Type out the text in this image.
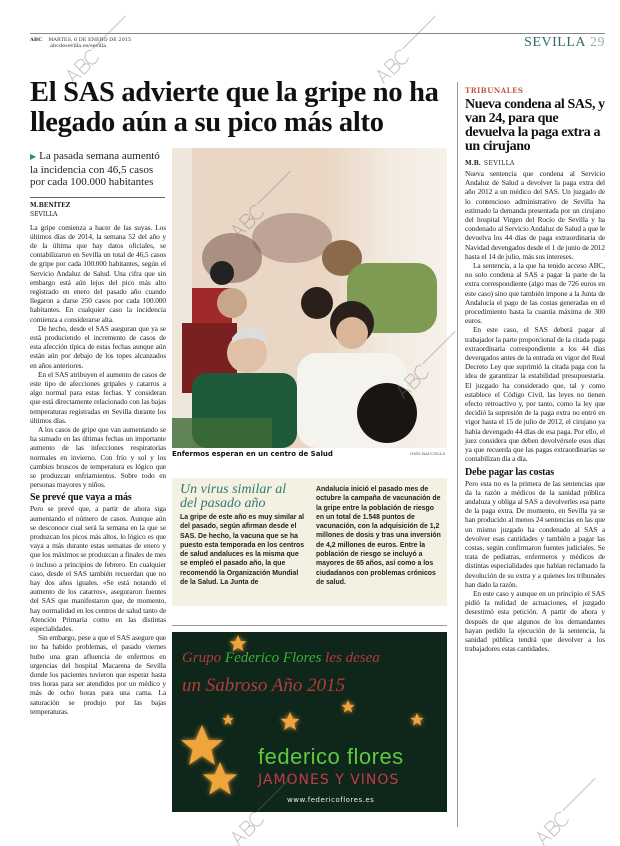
ABC MARTES, 6 DE ENERO DE 2015
abcdesevilla.es/sevilla	SEVILLA 29
El SAS advierte que la gripe no ha llegado aún a su pico más alto
▶ La pasada semana aumentó la incidencia con 46,5 casos por cada 100.000 habitantes
M.BENÍTEZ
SEVILLA

La gripe comienza a hacer de las suyas. Los últimos días de 2014, la semana 52 del año y de la última que hay datos oficiales, se contabilizaron en Sevilla un total de 46,5 casos de gripe por cada 100.000 habitantes, según el Servicio Andaluz de Salud. Una cifra que sin embargo está aún lejos del pico más alto registrado en enero del pasado año cuando llegaron a darse 250 casos por cada 100.000 habitantes. En cualquier caso la incidencia comienza a considerarse alta.

De hecho, desde el SAS aseguran que ya se está produciendo el incremento de casos de esta afección típica de estas fechas aunque aún están aún por debajo de los topes alcanzados en años anteriores.

En el SAS atribuyen el aumento de casos de este tipo de afecciones gripales y catarros a algo normal para estas fechas. Y consideran que está directamente relacionado con las bajas temperaturas registradas en Sevilla durante los últimos días.

A los casos de gripe que van aumentando se ha sumado en las últimas fechas un importante aumento de las infecciones respiratorias normales en invierno. Con frío y sol y los cambios bruscos de temperatura es lógico que se produzcan enfriamientos. Sobre todo en personas mayores y niños.

Se prevé que vaya a más

Pero se prevé que, a partir de ahora siga aumentando el número de casos. Aunque aún se desconoce cual será la semana en la que se produzcan los picos más altos, lo lógico es que vaya a más durante estas semanas de enero y que los máximos se produzcan a finales de mes o incluso a principios de febrero. En cualquier caso, desde el SAS también recuerdan que no hay dos años iguales. «Se está notando el aumento de los catarros», aseguraron fuentes del SAS que manifestaron que, de momento, hay normalidad en los centros de salud tanto de Atención Primaria como en las distintas especialidades.

Sin embargo, pese a que el SAS asegure que no ha habido problemas, el pasado viernes hubo una gran afluencia de enfermos en urgencias del hospital Macarena de Sevilla donde los pacientes tuvieron que esperar hasta tres horas para ser atendidos por un médico y más de ocho horas para una cama. La saturación se produjo por las bajas temperaturas.

Enfermos esperan en un centro de Salud	INÉS BAUCELLS
Un virus similar al del pasado año
La gripe de este año es muy similar al del pasado, según afirman desde el SAS. De hecho, la vacuna que se ha puesto esta temporada en los centros de salud andaluces es la misma que se empleó el pasado año, la que recomendó la Organización Mundial de la Salud. La Junta de
Andalucía inició el pasado mes de octubre la campaña de vacunación de la gripe entre la población de riesgo en un total de 1.548 puntos de vacunación, con la adquisición de 1,2 millones de dosis y tras una inversión de 4,2 millones de euros. Entre la población de riesgo se incluyó a mayores de 65 años, así como a los ciudadanos con problemas crónicos de salud.
Grupo Federico Flores les desea
un Sabroso Año 2015
federico flores
JAMONES Y VINOS
www.federicoflores.es
TRIBUNALES
Nueva condena al SAS, y van 24, para que devuelva la paga extra a un cirujano
M.B. SEVILLA

Nueva sentencia que condena al Servicio Andaluz de Salud a devolver la paga extra del año 2012 a un médico del SAS. Un juzgado de lo contencioso administrativo de Sevilla ha estimado la demanda presentada por un cirujano del hospital Virgen del Rocío de Sevilla y ha condenado al Servicio Andaluz de Salud a que le devuelva los 44 días de paga extraordinaria de Navidad devengados desde el 1 de junio de 2012 hasta el 14 de julio, más sus intereses.

La sentencia, a la que ha tenido acceso ABC, no solo condena al SAS a pagar la parte de la extra correspondiente (algo mas de 726 euros en este caso) sino que también impone a la Junta de Andalucía el pago de las costas generadas en el procedimiento hasta la cuantía máxima de 300 euros.

En este caso, el SAS deberá pagar al trabajador la parte proporcional de la citada paga extraordinaria correspondiente a los 44 días devengados antes de la entrada en vigor del Real Decreto Ley que suprimió la citada paga con la idea de garantizar la estabilidad presupuestaria. El juzgado ha considerado que, tal y como establece el Código Civil, las leyes no tienen efecto retroactivo y, por tanto, como la ley que decidió la supresión de la paga extra no entró en vigor hasta el 15 de julio de 2012, el cirujano ya había devengado 44 días de esa paga. Por ello, el juez considera que deben devolvérsele esos días ya que recuerda que las pagas extraordinarias se contabilizan día a día.

Debe pagar las costas

Pero esta no es la primera de las sentencias que da la razón a médicos de la sanidad pública andaluza y obliga al SAS a devolverles esa parte de la paga extra. De momento, en Sevilla ya se han producido al menos 24 sentencias en las que un mismo juzgado ha condenado al SAS a devolver esas cantidades y también a pagar las costas, según confirmaron fuentes judiciales. Se trata de pediatras, enfermeros y médicos de distintas especialidades que habían reclamado la devolución de su extra y a quienes los tribunales han dado la razón.

En este caso y aunque en un principio el SAS pidió la nulidad de actuaciones, el juzgado desestimó esta petición. A partir de ahora y después de que algunos de los demandantes hayan pedido la ejecución de la sentencia, la sanidad pública tendrá que devolver a los trabajadores estas cantidades.
